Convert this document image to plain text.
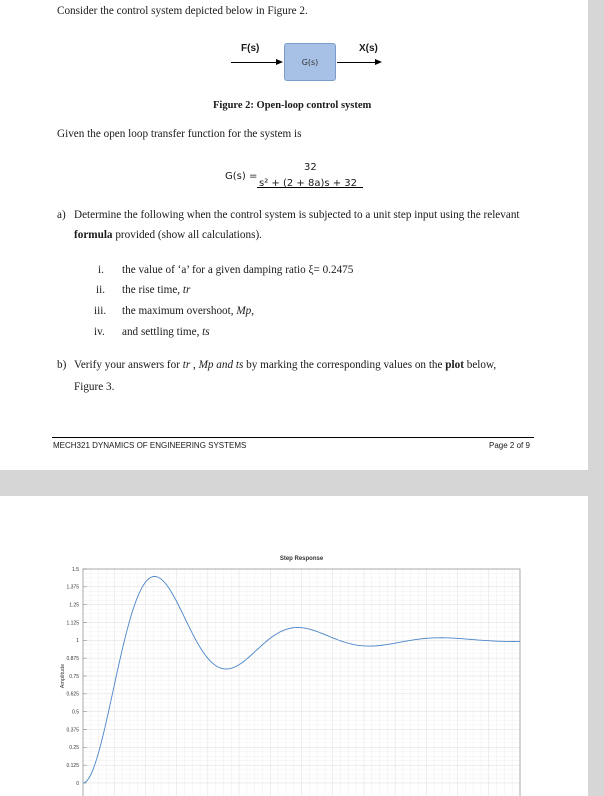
Consider the control system depicted below in Figure 2.
F(s)
G(s)
X(s)
Figure 2: Open-loop control system
Given the open loop transfer function for the system is
G(s) =
32
s² + (2 + 8a)s + 32
a) Determine the following when the control system is subjected to a unit step input using the relevant
formula provided (show all calculations).
i. the value of ‘a’ for a given damping ratio ξ= 0.2475
ii. the rise time, tr
iii. the maximum overshoot, Mp,
iv. and settling time, ts
b) Verify your answers for tr , Mp and ts by marking the corresponding values on the plot below,
Figure 3.
MECH321 DYNAMICS OF ENGINEERING SYSTEMS	Page 2 of 9
0
0.125
0.25
0.375
0.5
0.625
0.75
0.875
1
1.125
1.25
1.375
1.5
Step Response
Amplitude
